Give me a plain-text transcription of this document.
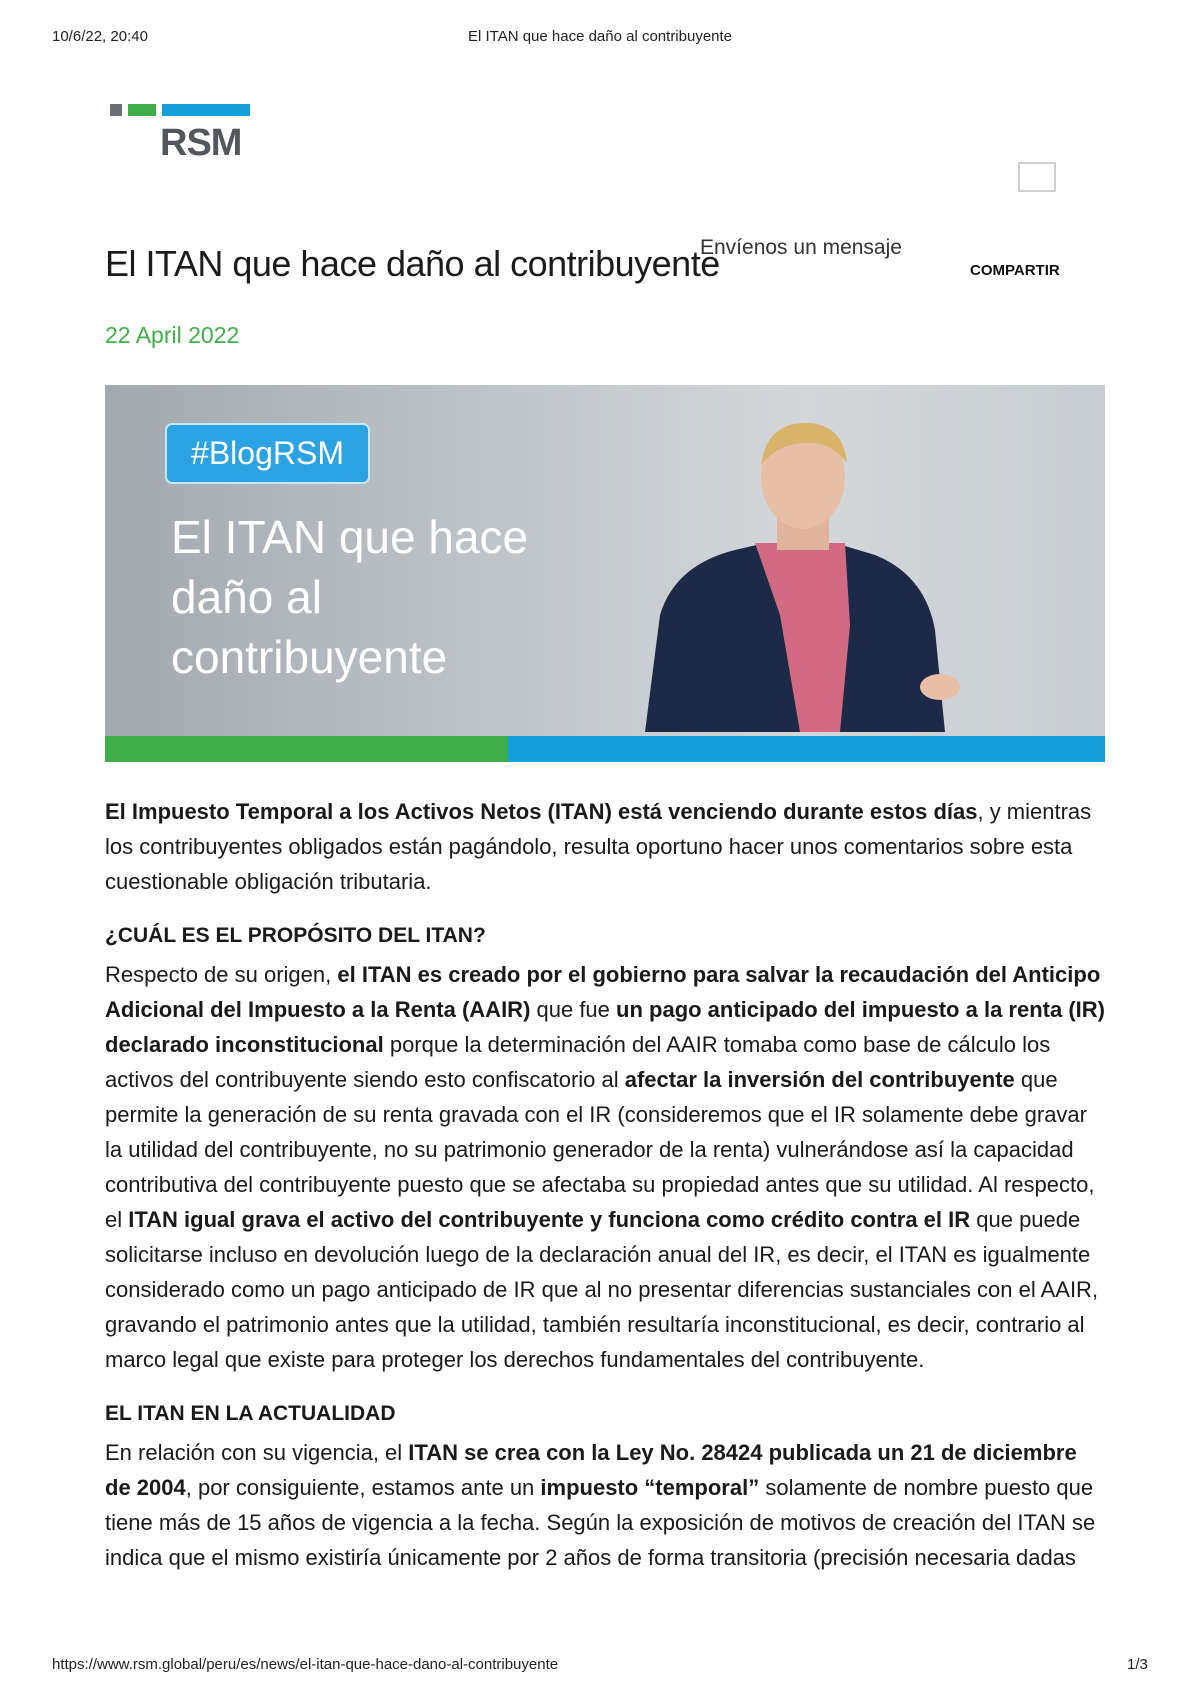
10/6/22, 20:40	El ITAN que hace daño al contribuyente
RSM
Envíenos un mensaje
COMPARTIR
El ITAN que hace daño al contribuyente
22 April 2022
#BlogRSM
El ITAN que hace
daño al
contribuyente

El Impuesto Temporal a los Activos Netos (ITAN) está venciendo durante estos días, y mientras los contribuyentes obligados están pagándolo, resulta oportuno hacer unos comentarios sobre esta cuestionable obligación tributaria.

¿CUÁL ES EL PROPÓSITO DEL ITAN?

Respecto de su origen, el ITAN es creado por el gobierno para salvar la recaudación del Anticipo Adicional del Impuesto a la Renta (AAIR) que fue un pago anticipado del impuesto a la renta (IR) declarado inconstitucional porque la determinación del AAIR tomaba como base de cálculo los activos del contribuyente siendo esto confiscatorio al afectar la inversión del contribuyente que permite la generación de su renta gravada con el IR (consideremos que el IR solamente debe gravar la utilidad del contribuyente, no su patrimonio generador de la renta) vulnerándose así la capacidad contributiva del contribuyente puesto que se afectaba su propiedad antes que su utilidad. Al respecto, el ITAN igual grava el activo del contribuyente y funciona como crédito contra el IR que puede solicitarse incluso en devolución luego de la declaración anual del IR, es decir, el ITAN es igualmente considerado como un pago anticipado de IR que al no presentar diferencias sustanciales con el AAIR, gravando el patrimonio antes que la utilidad, también resultaría inconstitucional, es decir, contrario al marco legal que existe para proteger los derechos fundamentales del contribuyente.

EL ITAN EN LA ACTUALIDAD

En relación con su vigencia, el ITAN se crea con la Ley No. 28424 publicada un 21 de diciembre de 2004, por consiguiente, estamos ante un impuesto “temporal” solamente de nombre puesto que tiene más de 15 años de vigencia a la fecha. Según la exposición de motivos de creación del ITAN se indica que el mismo existiría únicamente por 2 años de forma transitoria (precisión necesaria dadas

https://www.rsm.global/peru/es/news/el-itan-que-hace-dano-al-contribuyente	1/3
